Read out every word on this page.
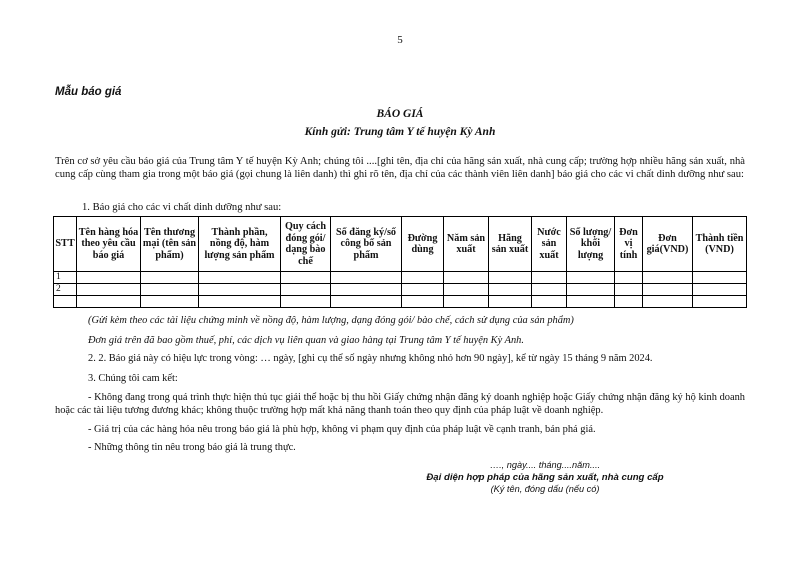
5
Mẫu báo giá
BÁO GIÁ
Kính gửi: Trung tâm Y tế huyện Kỳ Anh
Trên cơ sở yêu cầu báo giá của Trung tâm Y tế huyện Kỳ Anh; chúng tôi ....[ghi tên, địa chỉ của hãng sản xuất, nhà cung cấp; trường hợp nhiều hãng sản xuất, nhà cung cấp cùng tham gia trong một báo giá (gọi chung là liên danh) thì ghi rõ tên, địa chỉ của các thành viên liên danh] báo giá cho các vi chất dinh dưỡng như sau:
1. Báo giá cho các vi chất dinh dưỡng như sau:
STT	Tên hàng hóa theo yêu cầu báo giá	Tên thương mại (tên sản phẩm)	Thành phần, nồng độ, hàm lượng sản phẩm	Quy cách đóng gói/ dạng bào chế	Số đăng ký/số công bố sản phẩm	Đường dùng	Năm sản xuất	Hãng sản xuất	Nước sản xuất	Số lượng/ khối lượng	Đơn vị tính	Đơn giá(VND)	Thành tiền (VND)
1													
2													

(Gửi kèm theo các tài liệu chứng minh về nồng độ, hàm lượng, dạng đóng gói/ bào chế, cách sử dụng của sản phẩm)
Đơn giá trên đã bao gồm thuế, phí, các dịch vụ liên quan và giao hàng tại Trung tâm Y tế huyện Kỳ Anh.
2. 2. Báo giá này có hiệu lực trong vòng: … ngày, [ghi cụ thể số ngày nhưng không nhỏ hơn 90 ngày], kể từ ngày 15 tháng 9 năm 2024.
3. Chúng tôi cam kết:
- Không đang trong quá trình thực hiện thủ tục giải thể hoặc bị thu hồi Giấy chứng nhận đăng ký doanh nghiệp hoặc Giấy chứng nhận đăng ký hộ kinh doanh hoặc các tài liệu tương đương khác; không thuộc trường hợp mất khả năng thanh toán theo quy định của pháp luật về doanh nghiệp.
- Giá trị của các hàng hóa nêu trong báo giá là phù hợp, không vi phạm quy định của pháp luật về cạnh tranh, bán phá giá.
- Những thông tin nêu trong báo giá là trung thực.
…., ngày.... tháng....năm....
Đại diện hợp pháp của hãng sản xuất, nhà cung cấp
(Ký tên, đóng dấu (nếu có)
